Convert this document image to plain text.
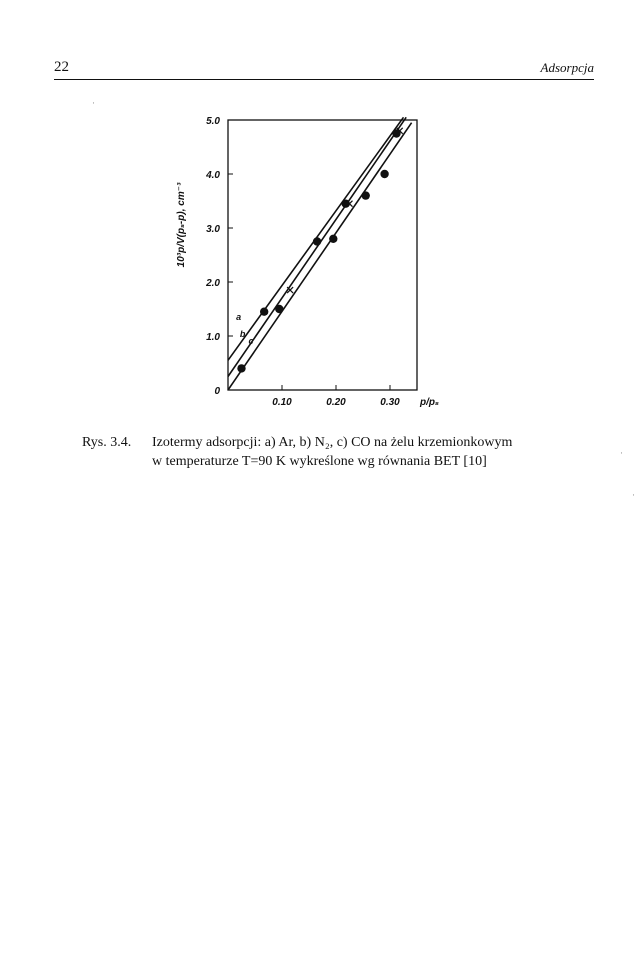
22	Adsorpcja
·
·
·
0
1.0
2.0
3.0
4.0
5.0
0.10	0.20	0.30 p/pₛ
10³p/V(pₛ-p), cm⁻³
a
b
c
Rys. 3.4. Izotermy adsorpcji: a) Ar, b) N₂, c) CO na żelu krzemionkowym
w temperaturze T=90 K wykreślone wg równania BET [10]
